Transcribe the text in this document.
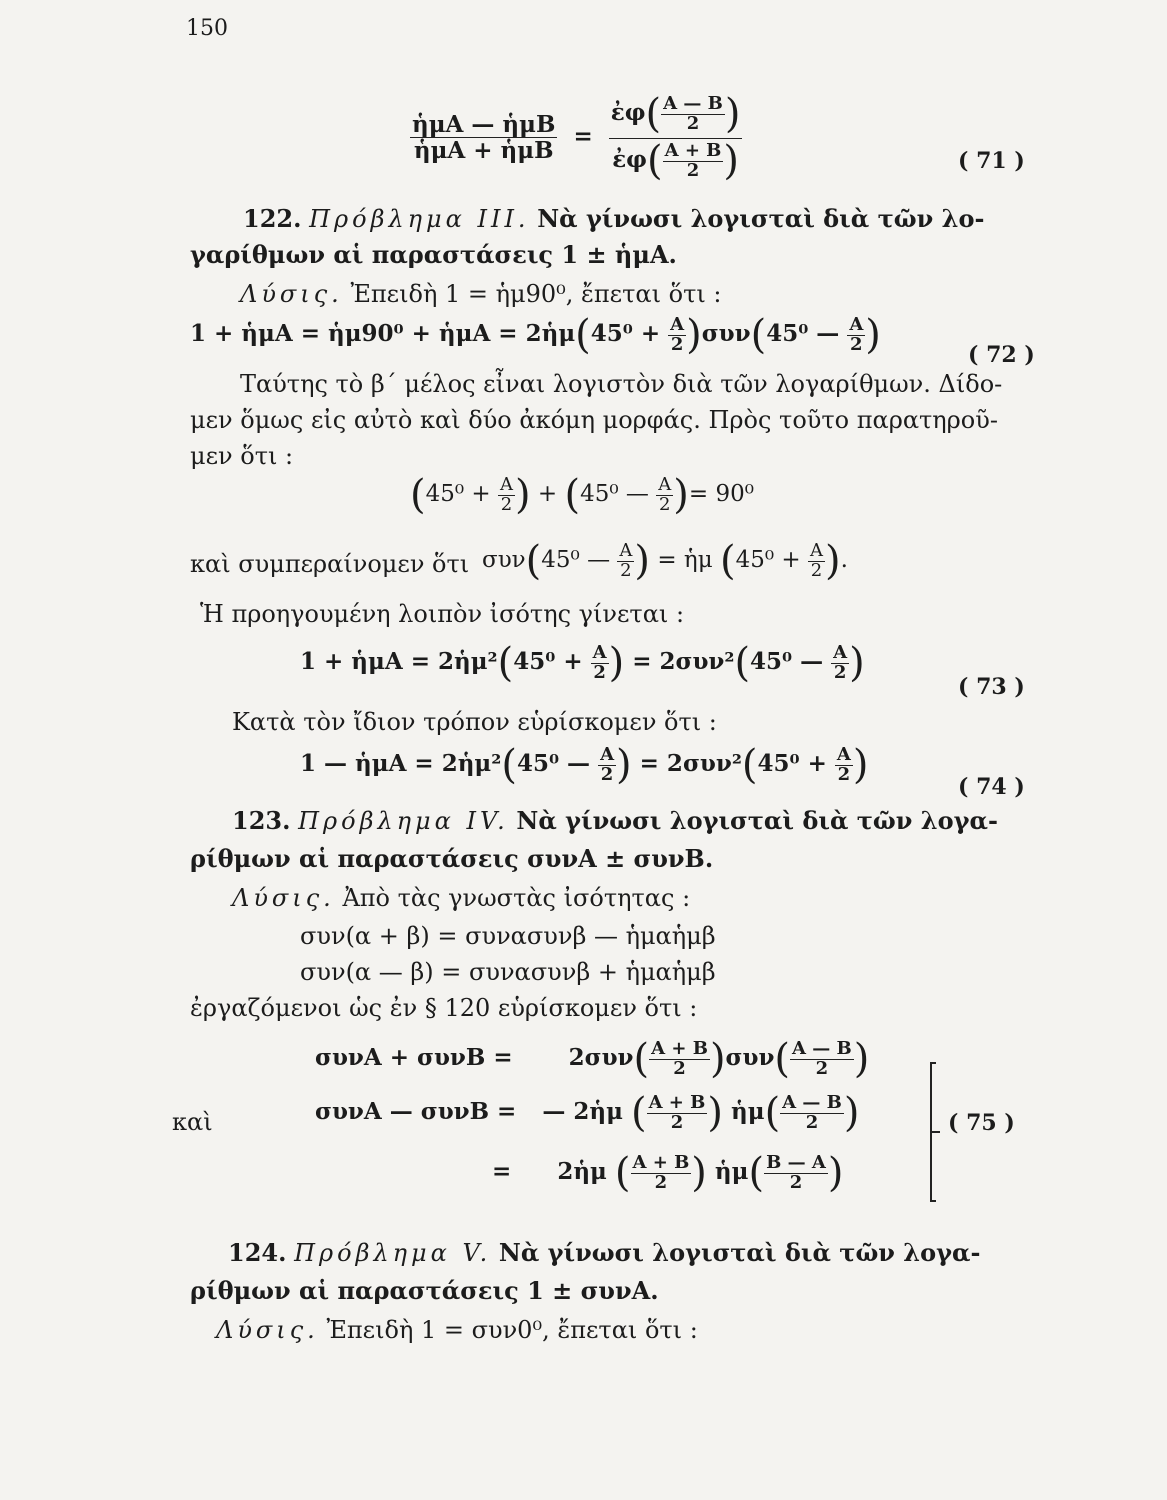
150
$\frac{\text{ἡμΑ — ἡμΒ}}{\text{ἡμΑ + ἡμΒ}} = \frac{ἐ\varphi( \frac{A — B}{2} )}{ἐ\varphi( \frac{A + B}{2} )}$	( 71 )
122. Πρόβλημα III. Νὰ γίνωσι λογισταὶ διὰ τῶν λο-
γαρίθμων αἱ παραστάσεις 1 ± ἡμΑ.
Λύσις. Ἐπειδὴ 1 = ἡμ90⁰, ἔπεται ὅτι :
1 + ἡμΑ = ἡμ90⁰ + ἡμΑ = 2ἡμ(45⁰ + $\frac{A}{2} )\sigma\upsilon\nu(45^0$ — $\frac{A}{2}$ )	( 72 )
Ταύτης τὸ β΄ μέλος εἶναι λογιστὸν διὰ τῶν λογαρίθμων. Δίδο-
μεν ὅμως εἰς αὐτὸ καὶ δύο ἀκόμη μορφάς. Πρὸς τοῦτο παρατηροῦ-
μεν ὅτι :
($45^0 + \frac{A}{2}$ ) + (45⁰ — $\frac{A}{2}$ )= 90⁰
καὶ συμπεραίνομεν ὅτι συν(45⁰ — $\frac{A}{2}$ ) = ἡμ ($45^0 + \frac{A}{2}$ ).
Ἡ προηγουμένη λοιπὸν ἰσότης γίνεται :
1 + ἡμΑ = 2ἡμ²(45⁰ + $\frac{A}{2}$ ) = 2συν²(45⁰ — $\frac{A}{2}$ )
( 73 )
Κατὰ τὸν ἴδιον τρόπον εὑρίσκομεν ὅτι :
1 — ἡμΑ = 2ἡμ²(45⁰ — $\frac{A}{2}$ ) = $2\sigma\upsilon\nu^2(45^0 + \frac{A}{2}$ )	( 74 )
123. Πρόβλημα IV. Νὰ γίνωσι λογισταὶ διὰ τῶν λογα-
ρίθμων αἱ παραστάσεις συνΑ ± συνΒ.
Λύσις. Ἀπὸ τὰς γνωστὰς ἰσότητας :
συν(α + β) = συνασυνβ — ἡμαἡμβ
συν(α — β) = συνασυνβ + ἡμαἡμβ
ἐργαζόμενοι ὡς ἐν § 120 εὑρίσκομεν ὅτι :
$\sigma\upsilon\nu A + \sigma\upsilon\nu B = 2\sigma\upsilon\nu( \frac{A + B}{2} )\sigma\upsilon\nu( \frac{A — B}{2}$ )
καὶ	συνΑ — συνΒ = — 2ἡμ ( $\frac{A + B}{2}$ ) ἡμ( $\frac{A — B}{2}$ )
= 2ἡμ ( $\frac{A + B}{2}$ ) ἡμ( $\frac{B — A}{2}$ )
( 75 )
124. Πρόβλημα V. Νὰ γίνωσι λογισταὶ διὰ τῶν λογα-
ρίθμων αἱ παραστάσεις 1 ± συνΑ.
Λύσις. Ἐπειδὴ 1 = συν0⁰, ἔπεται ὅτι :
